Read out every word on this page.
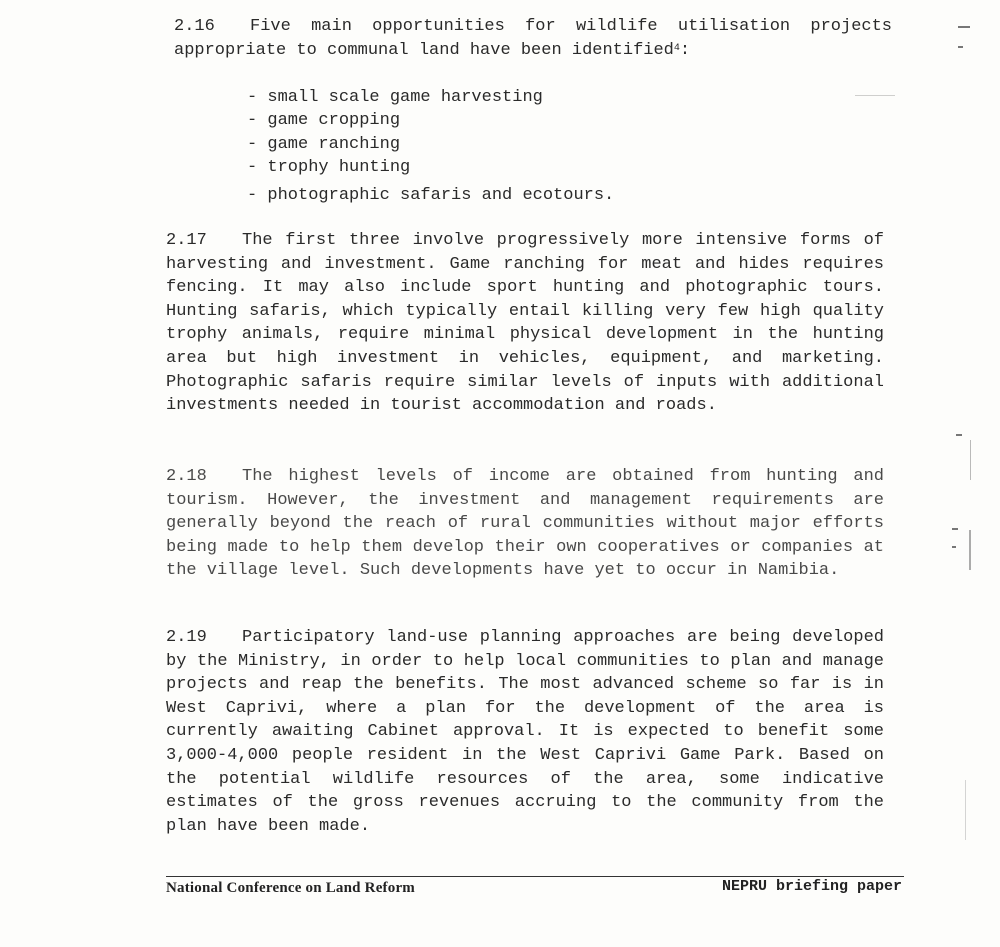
2.16 Five main opportunities for wildlife utilisation projects appropriate to communal land have been identified$^4$:

- small scale game harvesting
- game cropping
- game ranching
- trophy hunting
- photographic safaris and ecotours.

2.17 The first three involve progressively more intensive forms of harvesting and investment. Game ranching for meat and hides requires fencing. It may also include sport hunting and photographic tours. Hunting safaris, which typically entail killing very few high quality trophy animals, require minimal physical development in the hunting area but high investment in vehicles, equipment, and marketing. Photographic safaris require similar levels of inputs with additional investments needed in tourist accommodation and roads.

2.18 The highest levels of income are obtained from hunting and tourism. However, the investment and management requirements are generally beyond the reach of rural communities without major efforts being made to help them develop their own cooperatives or companies at the village level. Such developments have yet to occur in Namibia.

2.19 Participatory land-use planning approaches are being developed by the Ministry, in order to help local communities to plan and manage projects and reap the benefits. The most advanced scheme so far is in West Caprivi, where a plan for the development of the area is currently awaiting Cabinet approval. It is expected to benefit some 3,000-4,000 people resident in the West Caprivi Game Park. Based on the potential wildlife resources of the area, some indicative estimates of the gross revenues accruing to the community from the plan have been made.

National Conference on Land Reform	NEPRU briefing paper
